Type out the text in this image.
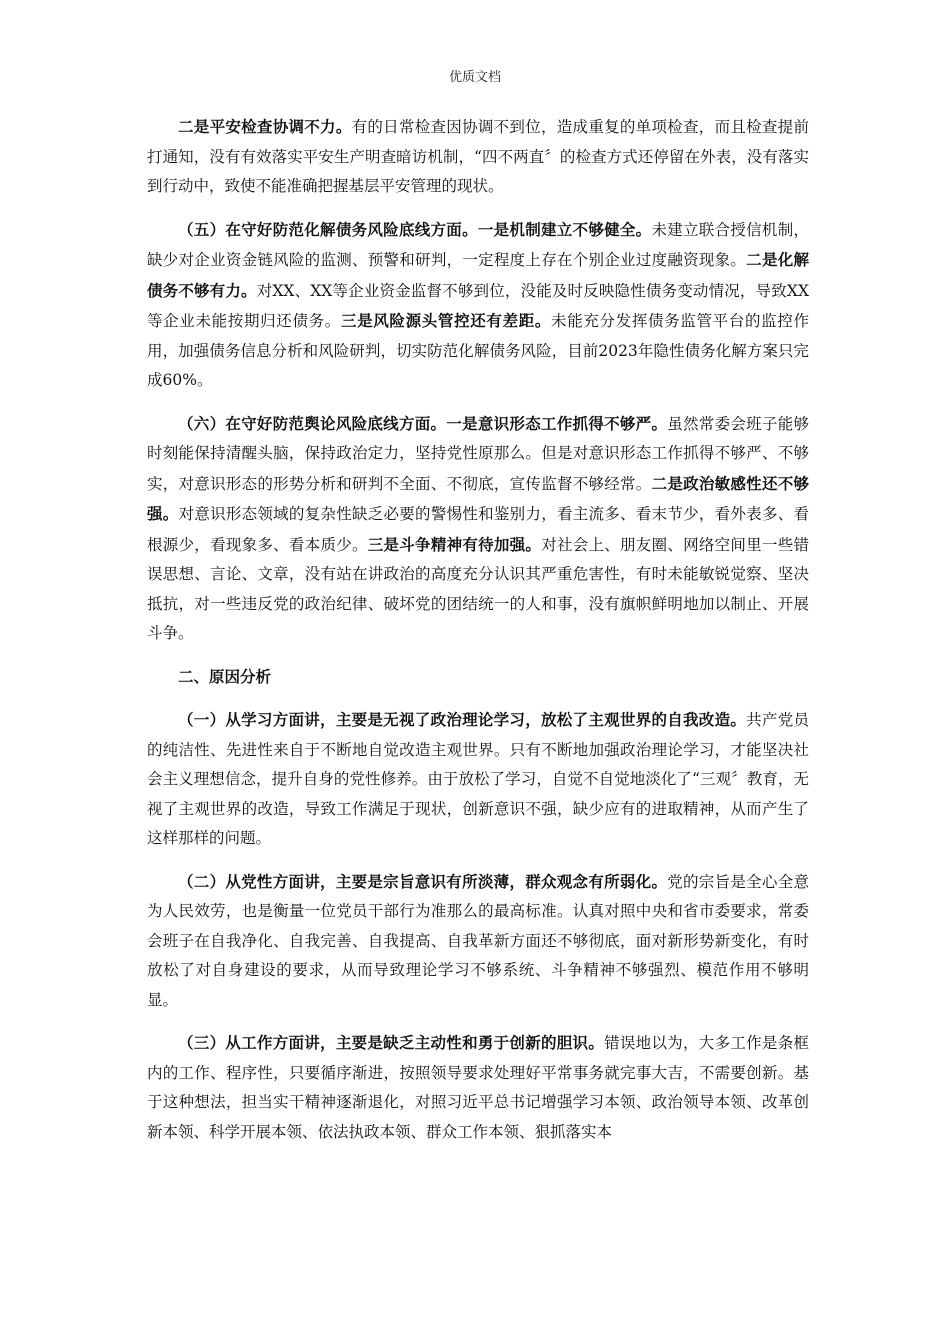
优质文档

二是平安检查协调不力。有的日常检查因协调不到位，造成重复的单项检查，而且检查提前打通知，没有有效落实平安生产明查暗访机制，“四不两直〞的检查方式还停留在外表，没有落实到行动中，致使不能准确把握基层平安管理的现状。

（五）在守好防范化解债务风险底线方面。一是机制建立不够健全。未建立联合授信机制，缺少对企业资金链风险的监测、预警和研判，一定程度上存在个别企业过度融资现象。二是化解债务不够有力。对XX、XX等企业资金监督不够到位，没能及时反映隐性债务变动情况，导致XX等企业未能按期归还债务。三是风险源头管控还有差距。未能充分发挥债务监管平台的监控作用，加强债务信息分析和风险研判，切实防范化解债务风险，目前2023年隐性债务化解方案只完成60%。

（六）在守好防范舆论风险底线方面。一是意识形态工作抓得不够严。虽然常委会班子能够时刻能保持清醒头脑，保持政治定力，坚持党性原那么。但是对意识形态工作抓得不够严、不够实，对意识形态的形势分析和研判不全面、不彻底，宣传监督不够经常。二是政治敏感性还不够强。对意识形态领域的复杂性缺乏必要的警惕性和鉴别力，看主流多、看末节少，看外表多、看根源少，看现象多、看本质少。三是斗争精神有待加强。对社会上、朋友圈、网络空间里一些错误思想、言论、文章，没有站在讲政治的高度充分认识其严重危害性，有时未能敏锐觉察、坚决抵抗，对一些违反党的政治纪律、破坏党的团结统一的人和事，没有旗帜鲜明地加以制止、开展斗争。

二、原因分析

（一）从学习方面讲，主要是无视了政治理论学习，放松了主观世界的自我改造。共产党员的纯洁性、先进性来自于不断地自觉改造主观世界。只有不断地加强政治理论学习，才能坚决社会主义理想信念，提升自身的党性修养。由于放松了学习，自觉不自觉地淡化了“三观〞教育，无视了主观世界的改造，导致工作满足于现状，创新意识不强，缺少应有的进取精神，从而产生了这样那样的问题。

（二）从党性方面讲，主要是宗旨意识有所淡薄，群众观念有所弱化。党的宗旨是全心全意为人民效劳，也是衡量一位党员干部行为准那么的最高标准。认真对照中央和省市委要求，常委会班子在自我净化、自我完善、自我提高、自我革新方面还不够彻底，面对新形势新变化，有时放松了对自身建设的要求，从而导致理论学习不够系统、斗争精神不够强烈、模范作用不够明显。

（三）从工作方面讲，主要是缺乏主动性和勇于创新的胆识。错误地以为，大多工作是条框内的工作、程序性，只要循序渐进，按照领导要求处理好平常事务就完事大吉，不需要创新。基于这种想法，担当实干精神逐渐退化，对照习近平总书记增强学习本领、政治领导本领、改革创新本领、科学开展本领、依法执政本领、群众工作本领、狠抓落实本
